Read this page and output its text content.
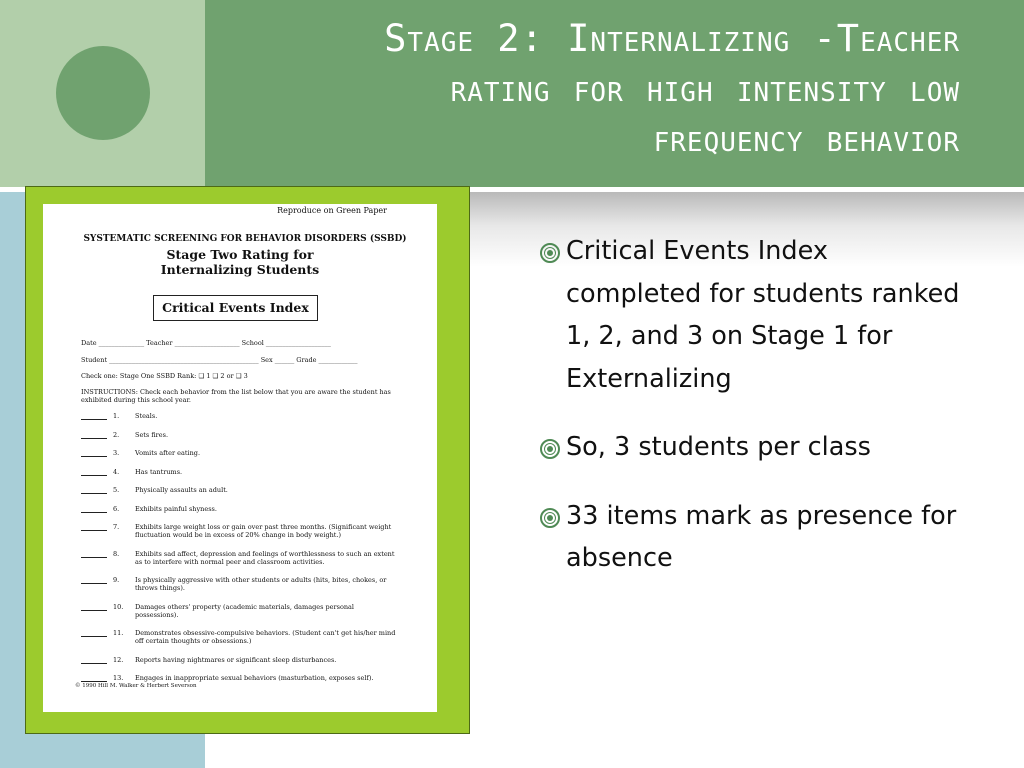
Stage 2: Internalizing -Teacher
rating for high intensity low
frequency behavior
Reproduce on Green Paper
SYSTEMATIC SCREENING FOR BEHAVIOR DISORDERS (SSBD)
Stage Two Rating for
Internalizing Students
Critical Events Index
Date ______________ Teacher ____________________ School ____________________
Student ______________________________________________ Sex ______ Grade ____________
Check one: Stage One SSBD Rank: ❑ 1 ❑ 2 or ❑ 3
INSTRUCTIONS: Check each behavior from the list below that you are aware the student has exhibited during this school year.
1.	Steals.
2.	Sets fires.
3.	Vomits after eating.
4.	Has tantrums.
5.	Physically assaults an adult.
6.	Exhibits painful shyness.
7.	Exhibits large weight loss or gain over past three months. (Significant weight fluctuation would be in excess of 20% change in body weight.)
8.	Exhibits sad affect, depression and feelings of worthlessness to such an extent as to interfere with normal peer and classroom activities.
9.	Is physically aggressive with other students or adults (hits, bites, chokes, or throws things).
10.	Damages others' property (academic materials, damages personal possessions).
11.	Demonstrates obsessive-compulsive behaviors. (Student can't get his/her mind off certain thoughts or obsessions.)
12.	Reports having nightmares or significant sleep disturbances.
13.	Engages in inappropriate sexual behaviors (masturbation, exposes self).
© 1990 Hill M. Walker & Herbert Severson
Critical Events Index completed for students ranked 1, 2, and 3 on Stage 1 for Externalizing
So, 3 students per class
33 items mark as presence for absence
